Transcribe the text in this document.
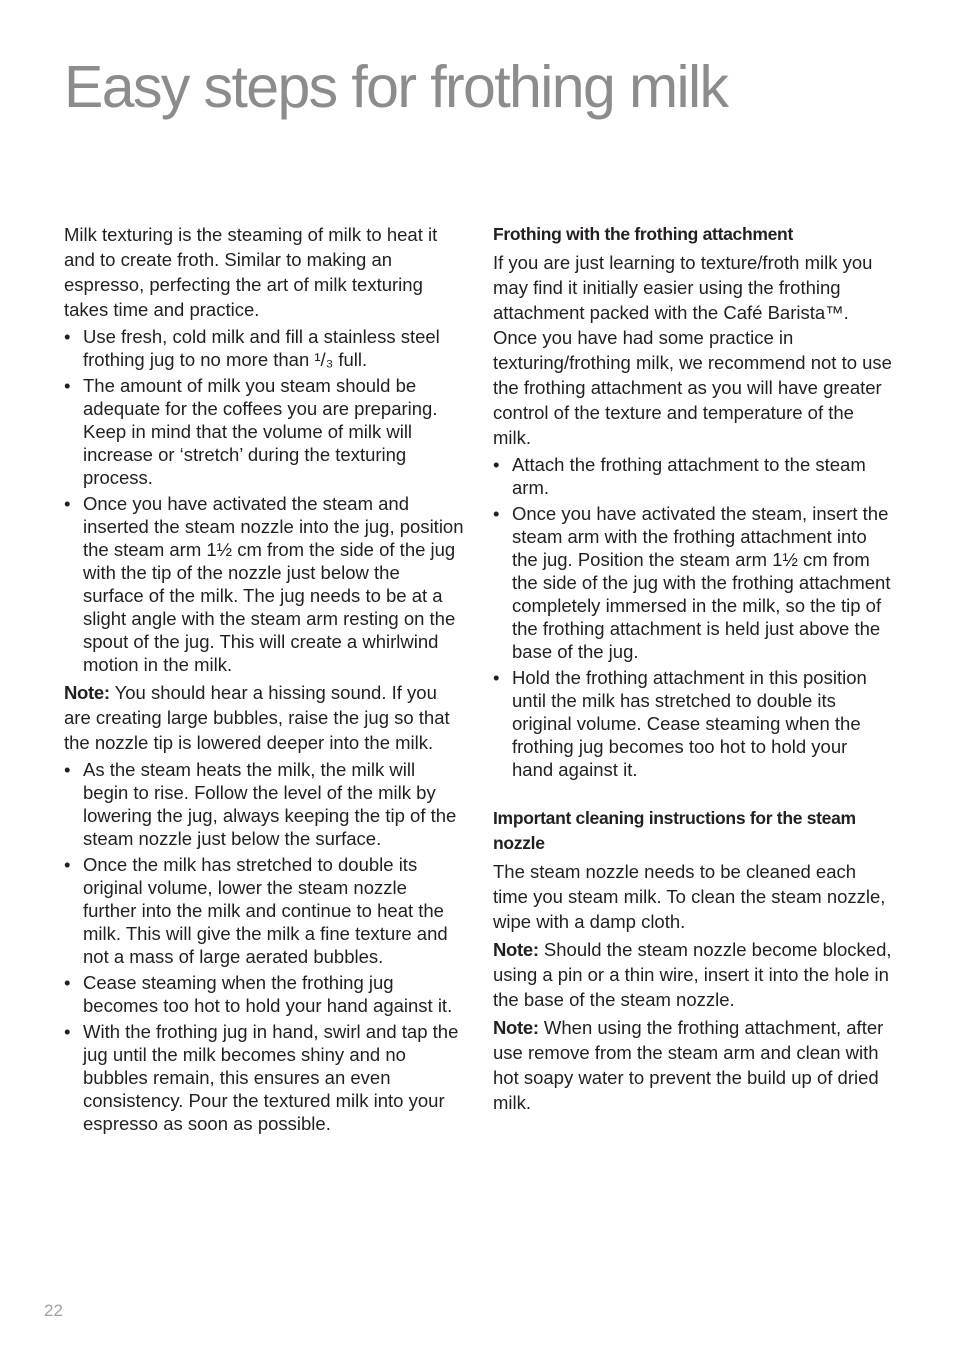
Easy steps for frothing milk

Milk texturing is the steaming of milk to heat it and to create froth. Similar to making an espresso, perfecting the art of milk texturing takes time and practice.

• Use fresh, cold milk and fill a stainless steel frothing jug to no more than ¹/₃ full.
• The amount of milk you steam should be adequate for the coffees you are preparing. Keep in mind that the volume of milk will increase or ‘stretch’ during the texturing process.
• Once you have activated the steam and inserted the steam nozzle into the jug, position the steam arm 1½ cm from the side of the jug with the tip of the nozzle just below the surface of the milk. The jug needs to be at a slight angle with the steam arm resting on the spout of the jug. This will create a whirlwind motion in the milk.

Note: You should hear a hissing sound. If you are creating large bubbles, raise the jug so that the nozzle tip is lowered deeper into the milk.

• As the steam heats the milk, the milk will begin to rise. Follow the level of the milk by lowering the jug, always keeping the tip of the steam nozzle just below the surface.
• Once the milk has stretched to double its original volume, lower the steam nozzle further into the milk and continue to heat the milk. This will give the milk a fine texture and not a mass of large aerated bubbles.
• Cease steaming when the frothing jug becomes too hot to hold your hand against it.
• With the frothing jug in hand, swirl and tap the jug until the milk becomes shiny and no bubbles remain, this ensures an even consistency. Pour the textured milk into your espresso as soon as possible.
Frothing with the frothing attachment

If you are just learning to texture/froth milk you may find it initially easier using the frothing attachment packed with the Café Barista™. Once you have had some practice in texturing/frothing milk, we recommend not to use the frothing attachment as you will have greater control of the texture and temperature of the milk.

• Attach the frothing attachment to the steam arm.
• Once you have activated the steam, insert the steam arm with the frothing attachment into the jug. Position the steam arm 1½ cm from the side of the jug with the frothing attachment completely immersed in the milk, so the tip of the frothing attachment is held just above the base of the jug.
• Hold the frothing attachment in this position until the milk has stretched to double its original volume. Cease steaming when the frothing jug becomes too hot to hold your hand against it.
Important cleaning instructions for the steam nozzle

The steam nozzle needs to be cleaned each time you steam milk. To clean the steam nozzle, wipe with a damp cloth.

Note: Should the steam nozzle become blocked, using a pin or a thin wire, insert it into the hole in the base of the steam nozzle.

Note: When using the frothing attachment, after use remove from the steam arm and clean with hot soapy water to prevent the build up of dried milk.

22
